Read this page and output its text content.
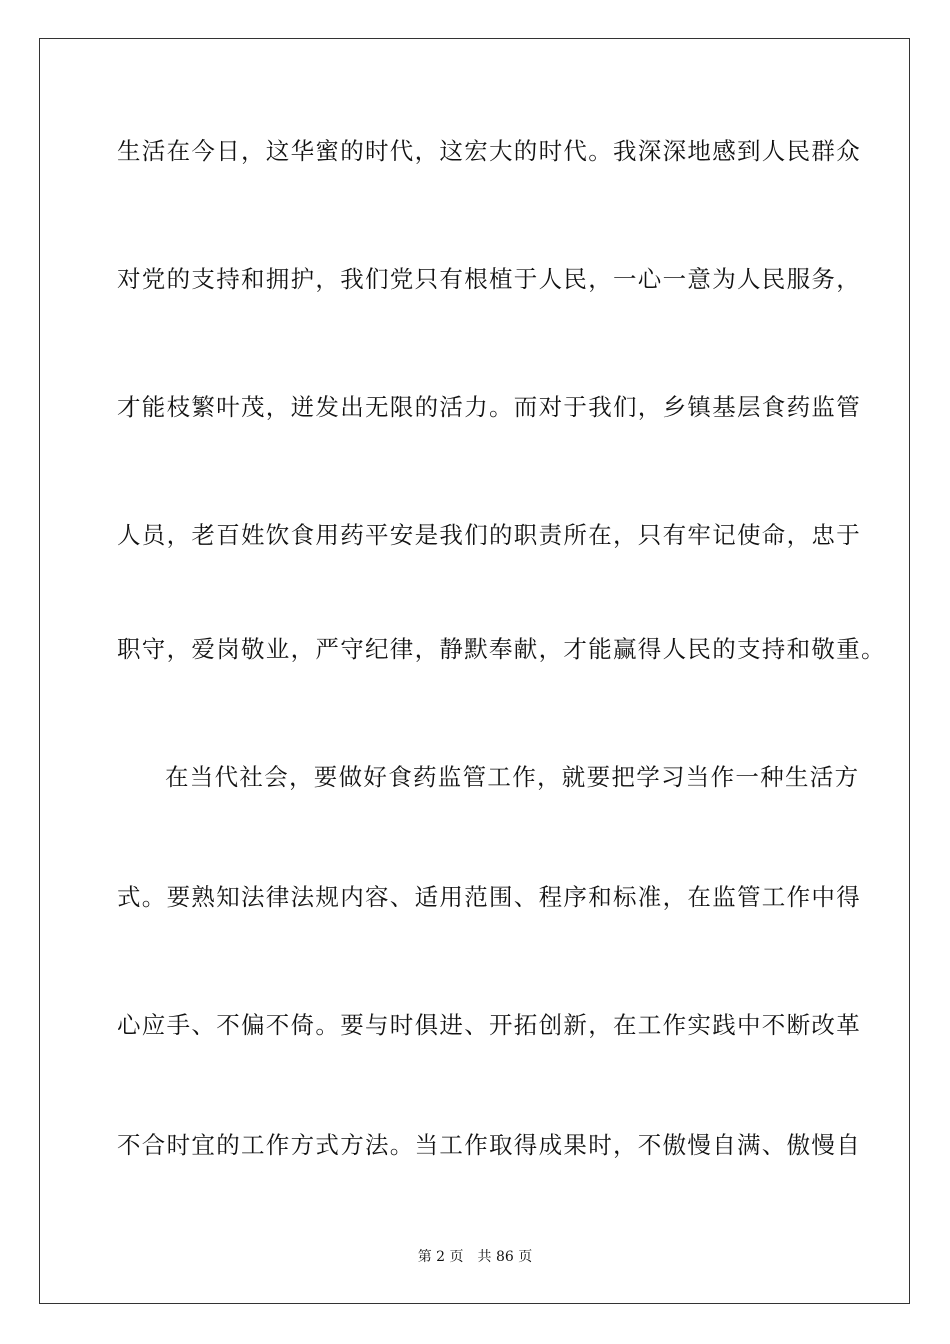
生活在今日，这华蜜的时代，这宏大的时代。我深深地感到人民群众
对党的支持和拥护，我们党只有根植于人民，一心一意为人民服务，
才能枝繁叶茂，迸发出无限的活力。而对于我们，乡镇基层食药监管
人员，老百姓饮食用药平安是我们的职责所在，只有牢记使命，忠于
职守，爱岗敬业，严守纪律，静默奉献，才能赢得人民的支持和敬重。
在当代社会，要做好食药监管工作，就要把学习当作一种生活方
式。要熟知法律法规内容、适用范围、程序和标准，在监管工作中得
心应手、不偏不倚。要与时俱进、开拓创新，在工作实践中不断改革
不合时宜的工作方式方法。当工作取得成果时，不傲慢自满、傲慢自
第 2 页 共 86 页
